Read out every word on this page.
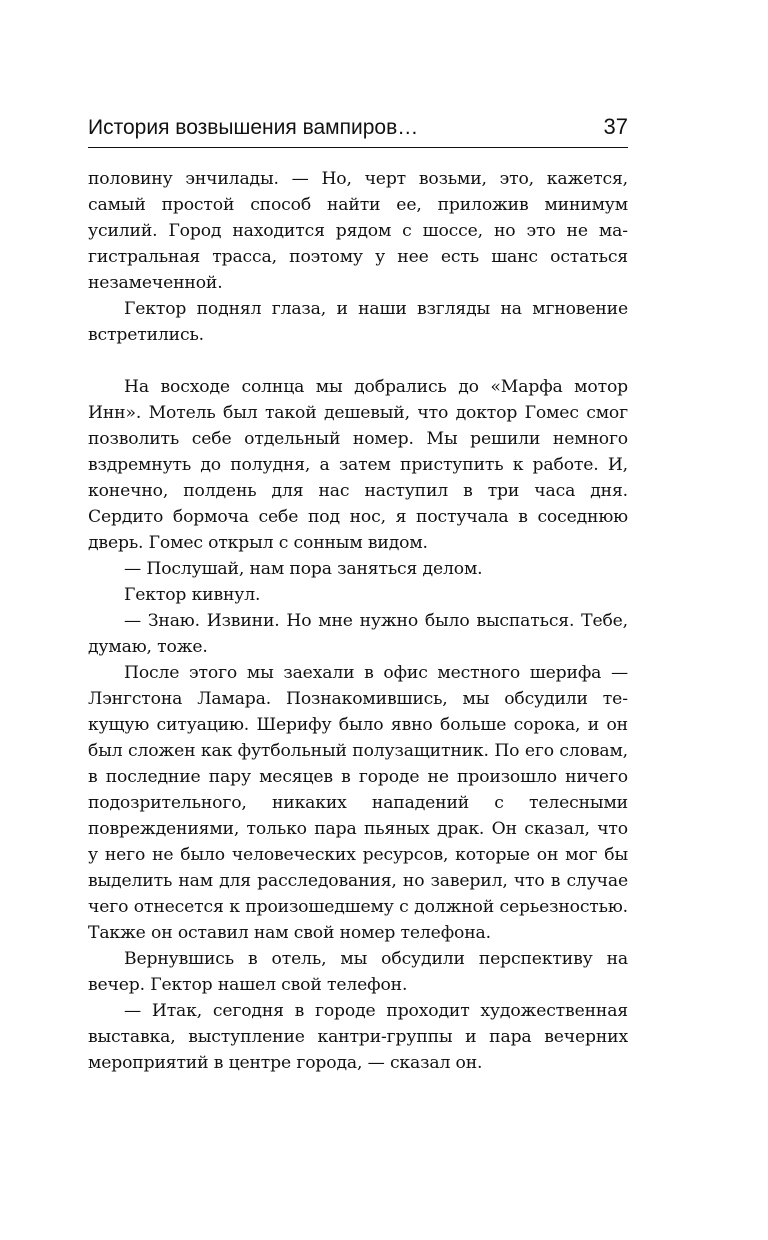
История возвышения вампиров…	37

половину энчилады. — Но, черт возьми, это, кажется, самый простой способ найти ее, приложив минимум усилий. Город находится рядом с шоссе, но это не магистральная трасса, поэтому у нее есть шанс остаться незамеченной.

Гектор поднял глаза, и наши взгляды на мгновение встретились.

На восходе солнца мы добрались до «Марфа мотор Инн». Мотель был такой дешевый, что доктор Гомес смог позволить себе отдельный номер. Мы решили немного вздремнуть до полудня, а затем приступить к работе. И, конечно, полдень для нас наступил в три часа дня. Сердито бормоча себе под нос, я постучала в соседнюю дверь. Гомес открыл с сонным видом.

— Послушай, нам пора заняться делом.

Гектор кивнул.

— Знаю. Извини. Но мне нужно было выспаться. Тебе, думаю, тоже.

После этого мы заехали в офис местного шерифа — Лэнгстона Ламара. Познакомившись, мы обсудили текущую ситуацию. Шерифу было явно больше сорока, и он был сложен как футбольный полузащитник. По его словам, в последние пару месяцев в городе не произошло ничего подозрительного, никаких нападений с телесными повреждениями, только пара пьяных драк. Он сказал, что у него не было человеческих ресурсов, которые он мог бы выделить нам для расследования, но заверил, что в случае чего отнесется к произошедшему с должной серьезностью. Также он оставил нам свой номер телефона.

Вернувшись в отель, мы обсудили перспективу на вечер. Гектор нашел свой телефон.

— Итак, сегодня в городе проходит художественная выставка, выступление кантри-группы и пара вечерних мероприятий в центре города, — сказал он.
